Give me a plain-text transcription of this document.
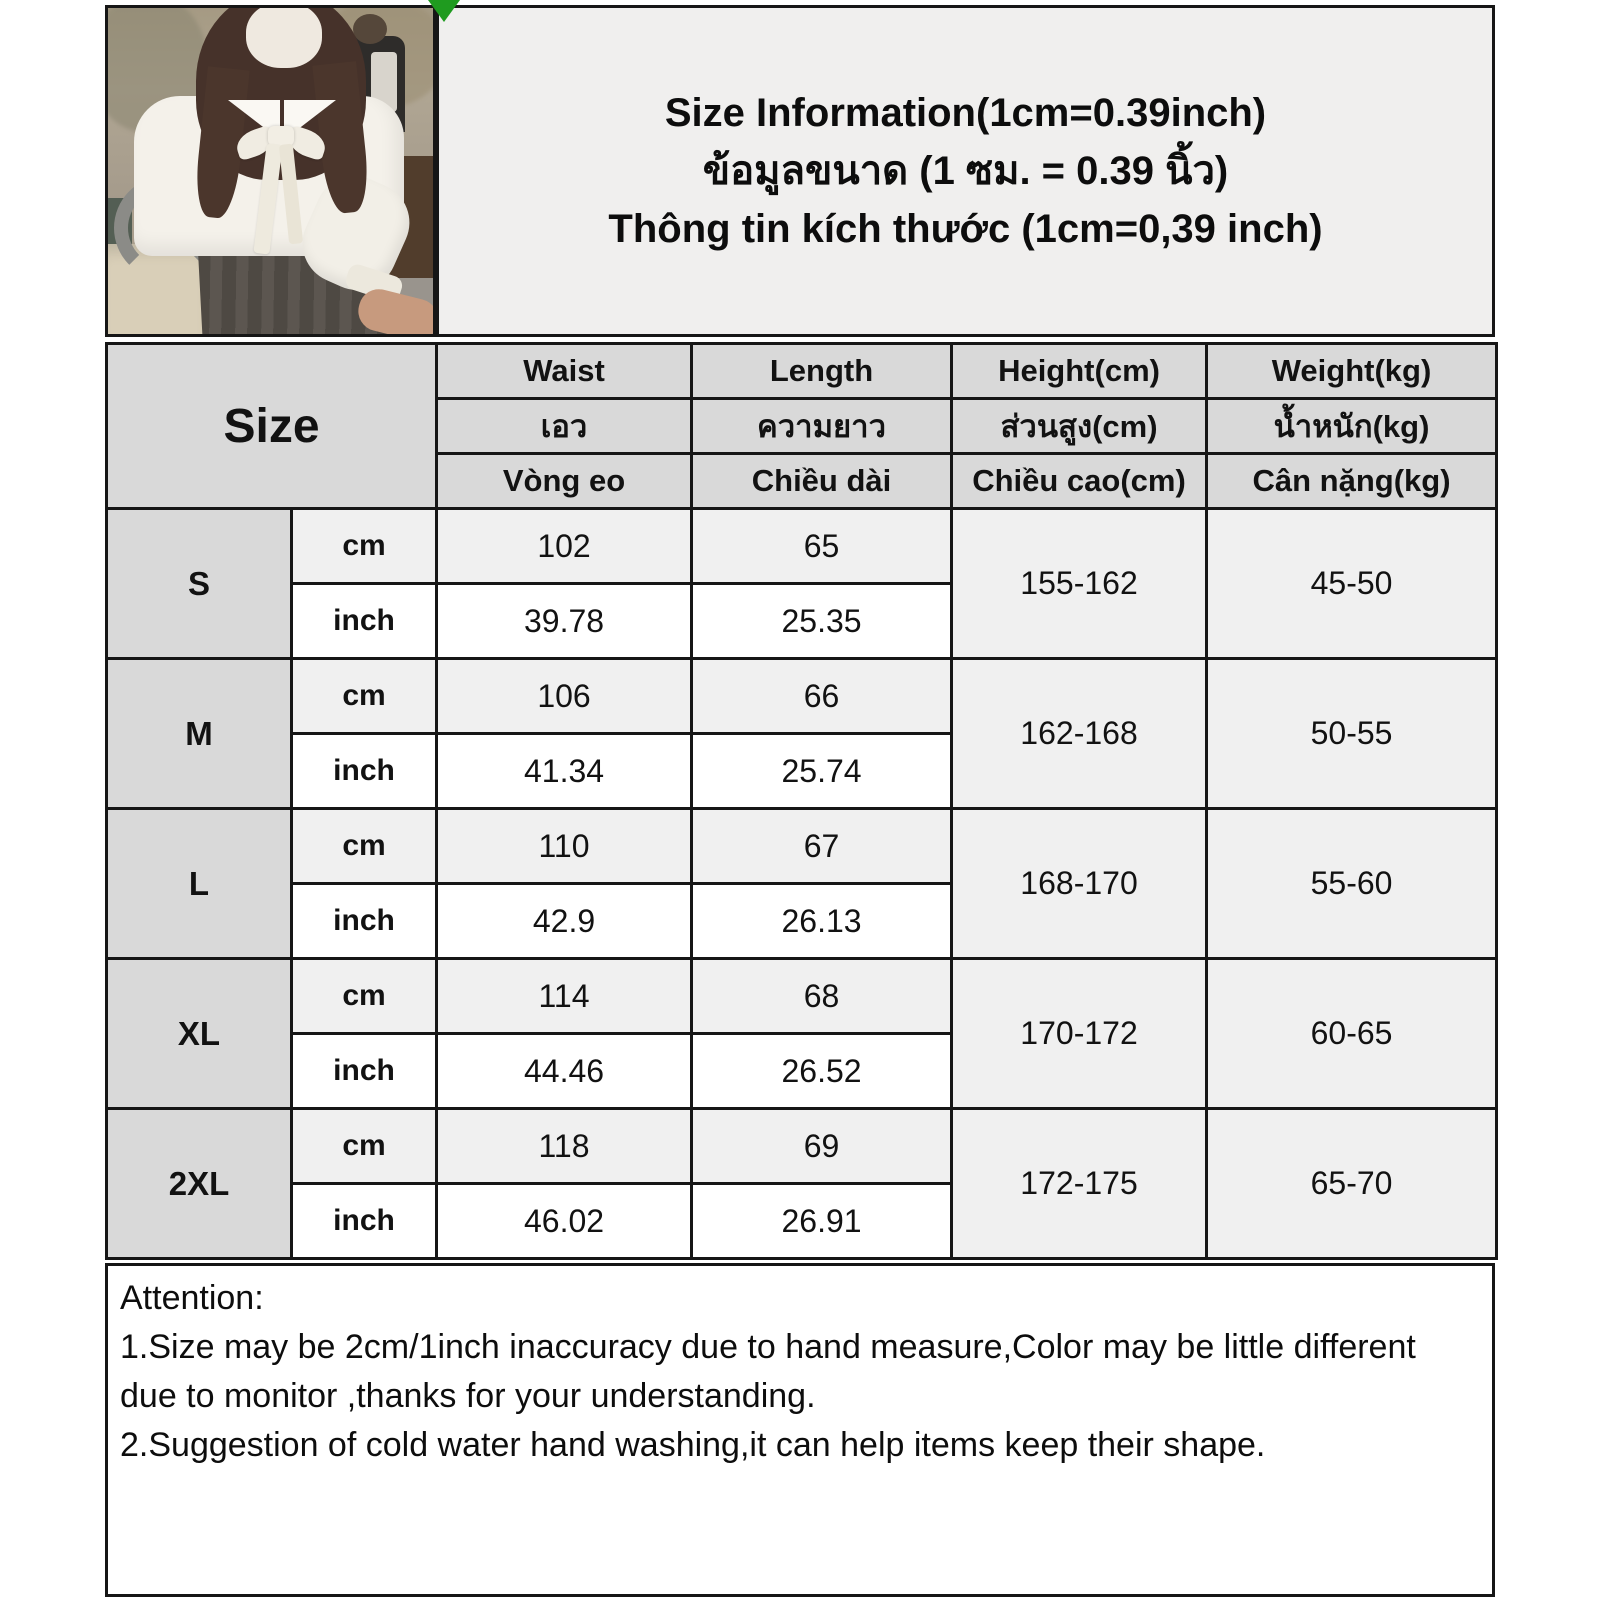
Size Information(1cm=0.39inch)
ข้อมูลขนาด (1 ซม. = 0.39 นิ้ว)
Thông tin kích thước (1cm=0,39 inch)
Size		Waist	Length	Height(cm)	Weight(kg)
		เอว	ความยาว	ส่วนสูง(cm)	น้ำหนัก(kg)
		Vòng eo	Chiều dài	Chiều cao(cm)	Cân nặng(kg)
S	cm	102	65	155-162	45-50
	inch	39.78	25.35		
M	cm	106	66	162-168	50-55
	inch	41.34	25.74		
L	cm	110	67	168-170	55-60
	inch	42.9	26.13		
XL	cm	114	68	170-172	60-65
	inch	44.46	26.52		
2XL	cm	118	69	172-175	65-70
	inch	46.02	26.91		
Attention:
1.Size may be 2cm/1inch inaccuracy due to hand measure,Color may be little different due to monitor ,thanks for your understanding.
2.Suggestion of cold water hand washing,it can help items keep their shape.
